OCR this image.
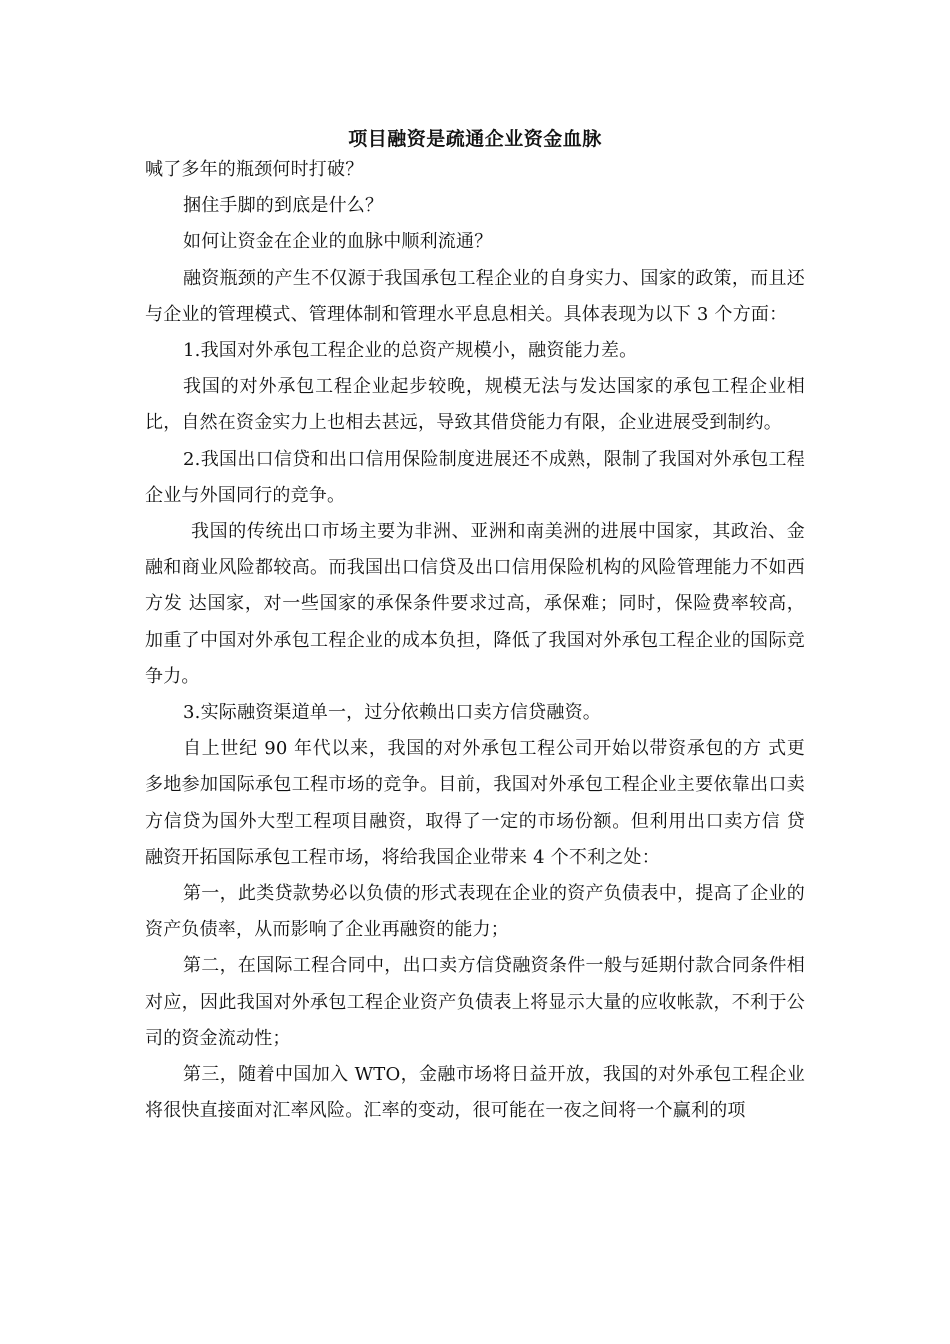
项目融资是疏通企业资金血脉

喊了多年的瓶颈何时打破？

捆住手脚的到底是什么？

如何让资金在企业的血脉中顺利流通？

融资瓶颈的产生不仅源于我国承包工程企业的自身实力、国家的政策，而且还与企业的管理模式、管理体制和管理水平息息相关。具体表现为以下 3 个方面：

1.我国对外承包工程企业的总资产规模小，融资能力差。

我国的对外承包工程企业起步较晚，规模无法与发达国家的承包工程企业相比，自然在资金实力上也相去甚远，导致其借贷能力有限，企业进展受到制约。

2.我国出口信贷和出口信用保险制度进展还不成熟，限制了我国对外承包工程企业与外国同行的竞争。

我国的传统出口市场主要为非洲、亚洲和南美洲的进展中国家，其政治、金融和商业风险都较高。而我国出口信贷及出口信用保险机构的风险管理能力不如西方发 达国家，对一些国家的承保条件要求过高，承保难；同时，保险费率较高，加重了中国对外承包工程企业的成本负担，降低了我国对外承包工程企业的国际竞争力。

3.实际融资渠道单一，过分依赖出口卖方信贷融资。

自上世纪 90 年代以来，我国的对外承包工程公司开始以带资承包的方 式更多地参加国际承包工程市场的竞争。目前，我国对外承包工程企业主要依靠出口卖方信贷为国外大型工程项目融资，取得了一定的市场份额。但利用出口卖方信 贷融资开拓国际承包工程市场，将给我国企业带来 4 个不利之处：

第一，此类贷款势必以负债的形式表现在企业的资产负债表中，提高了企业的资产负债率，从而影响了企业再融资的能力；

第二，在国际工程合同中，出口卖方信贷融资条件一般与延期付款合同条件相对应，因此我国对外承包工程企业资产负债表上将显示大量的应收帐款，不利于公司的资金流动性；

第三，随着中国加入 WTO，金融市场将日益开放，我国的对外承包工程企业将很快直接面对汇率风险。汇率的变动，很可能在一夜之间将一个赢利的项
